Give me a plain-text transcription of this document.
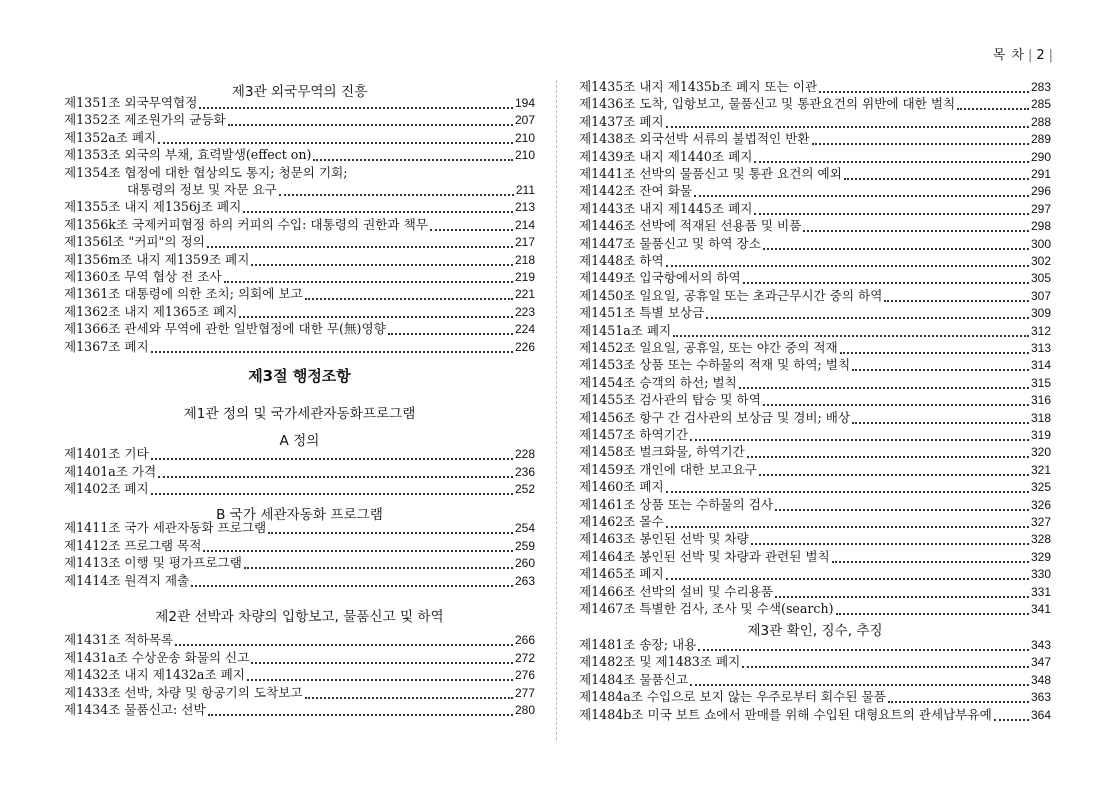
목 차 | 2 |
제3관 외국무역의 진흥
제1351조 외국무역협정	194
제1352조 제조원가의 균등화	207
제1352a조 폐지	210
제1353조 외국의 부채, 효력발생(effect on)	210
제1354조 협정에 대한 협상의도 통지; 청문의 기회;
대통령의 정보 및 자문 요구	211
제1355조 내지 제1356j조 폐지	213
제1356k조 국제커피협정 하의 커피의 수입: 대통령의 권한과 책무	214
제1356l조 "커피"의 정의	217
제1356m조 내지 제1359조 폐지	218
제1360조 무역 협상 전 조사	219
제1361조 대통령에 의한 조치; 의회에 보고	221
제1362조 내지 제1365조 폐지	223
제1366조 관세와 무역에 관한 일반협정에 대한 무(無)영향	224
제1367조 폐지	226
제3절 행정조항
제1관 정의 및 국가세관자동화프로그램
A 정의
제1401조 기타	228
제1401a조 가격	236
제1402조 폐지	252
B 국가 세관자동화 프로그램
제1411조 국가 세관자동화 프로그램	254
제1412조 프로그램 목적	259
제1413조 이행 및 평가프로그램	260
제1414조 원격지 제출	263
제2관 선박과 차량의 입항보고, 물품신고 및 하역
제1431조 적하목록	266
제1431a조 수상운송 화물의 신고	272
제1432조 내지 제1432a조 폐지	276
제1433조 선박, 차량 및 항공기의 도착보고	277
제1434조 물품신고: 선박	280
제1435조 내지 제1435b조 폐지 또는 이관	283
제1436조 도착, 입항보고, 물품신고 및 통관요건의 위반에 대한 벌칙	285
제1437조 폐지	288
제1438조 외국선박 서류의 불법적인 반환	289
제1439조 내지 제1440조 폐지	290
제1441조 선박의 물품신고 및 통관 요건의 예외	291
제1442조 잔여 화물	296
제1443조 내지 제1445조 폐지	297
제1446조 선박에 적재된 선용품 및 비품	298
제1447조 물품신고 및 하역 장소	300
제1448조 하역	302
제1449조 입국항에서의 하역	305
제1450조 일요일, 공휴일 또는 초과근무시간 중의 하역	307
제1451조 특별 보상금	309
제1451a조 폐지	312
제1452조 일요일, 공휴일, 또는 야간 중의 적재	313
제1453조 상품 또는 수하물의 적재 및 하역; 벌칙	314
제1454조 승객의 하선; 벌칙	315
제1455조 검사관의 탑승 및 하역	316
제1456조 항구 간 검사관의 보상금 및 경비; 배상	318
제1457조 하역기간	319
제1458조 벌크화물, 하역기간	320
제1459조 개인에 대한 보고요구	321
제1460조 폐지	325
제1461조 상품 또는 수하물의 검사	326
제1462조 몰수	327
제1463조 봉인된 선박 및 차량	328
제1464조 봉인된 선박 및 차량과 관련된 벌칙	329
제1465조 폐지	330
제1466조 선박의 설비 및 수리용품	331
제1467조 특별한 검사, 조사 및 수색(search)	341
제3관 확인, 징수, 추징
제1481조 송장; 내용	343
제1482조 및 제1483조 폐지	347
제1484조 물품신고	348
제1484a조 수입으로 보지 않는 우주로부터 회수된 물품	363
제1484b조 미국 보트 쇼에서 판매를 위해 수입된 대형요트의 관세납부유예	364
